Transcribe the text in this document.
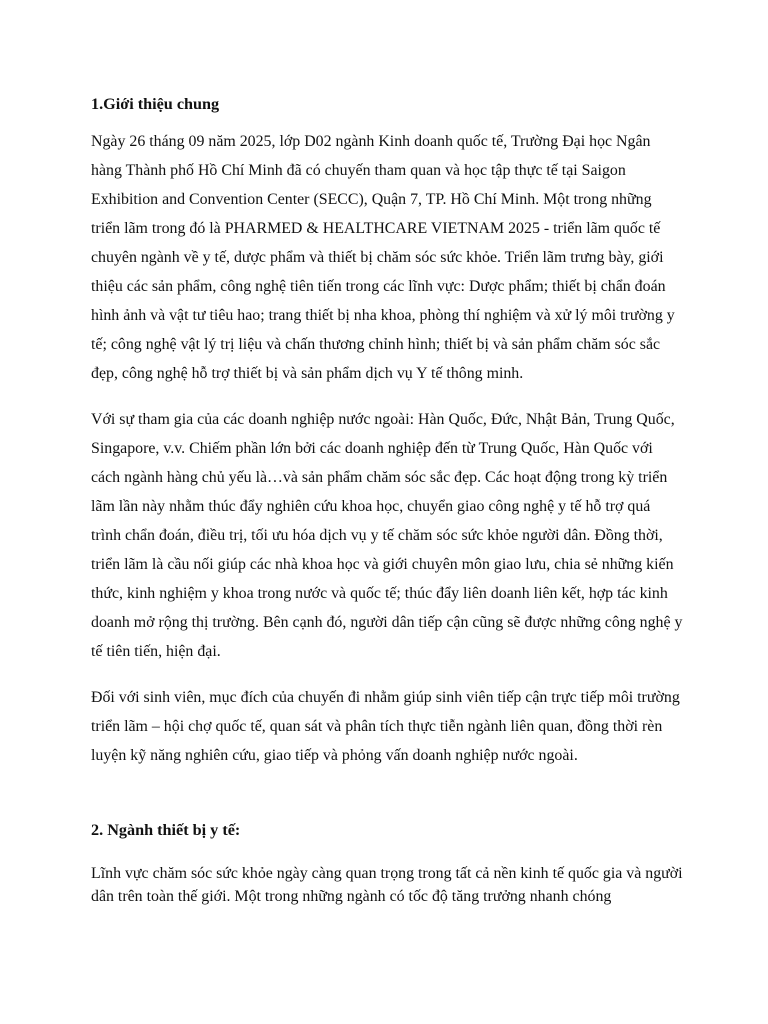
1.Giới thiệu chung

Ngày 26 tháng 09 năm 2025, lớp D02 ngành Kinh doanh quốc tế, Trường Đại học Ngân hàng Thành phố Hồ Chí Minh đã có chuyến tham quan và học tập thực tế tại Saigon Exhibition and Convention Center (SECC), Quận 7, TP. Hồ Chí Minh. Một trong những triển lãm trong đó là PHARMED & HEALTHCARE VIETNAM 2025 - triển lãm quốc tế chuyên ngành về y tế, dược phẩm và thiết bị chăm sóc sức khỏe. Triển lãm trưng bày, giới thiệu các sản phẩm, công nghệ tiên tiến trong các lĩnh vực: Dược phẩm; thiết bị chẩn đoán hình ảnh và vật tư tiêu hao; trang thiết bị nha khoa, phòng thí nghiệm và xử lý môi trường y tế; công nghệ vật lý trị liệu và chấn thương chỉnh hình; thiết bị và sản phẩm chăm sóc sắc đẹp, công nghệ hỗ trợ thiết bị và sản phẩm dịch vụ Y tế thông minh.

Với sự tham gia của các doanh nghiệp nước ngoài: Hàn Quốc, Đức, Nhật Bản, Trung Quốc, Singapore, v.v. Chiếm phần lớn bởi các doanh nghiệp đến từ Trung Quốc, Hàn Quốc với cách ngành hàng chủ yếu là…và sản phẩm chăm sóc sắc đẹp. Các hoạt động trong kỳ triển lãm lần này nhằm thúc đẩy nghiên cứu khoa học, chuyển giao công nghệ y tế hỗ trợ quá trình chẩn đoán, điều trị, tối ưu hóa dịch vụ y tế chăm sóc sức khỏe người dân. Đồng thời, triển lãm là cầu nối giúp các nhà khoa học và giới chuyên môn giao lưu, chia sẻ những kiến thức, kinh nghiệm y khoa trong nước và quốc tế; thúc đẩy liên doanh liên kết, hợp tác kinh doanh mở rộng thị trường. Bên cạnh đó, người dân tiếp cận cũng sẽ được những công nghệ y tế tiên tiến, hiện đại.

Đối với sinh viên, mục đích của chuyến đi nhằm giúp sinh viên tiếp cận trực tiếp môi trường triển lãm – hội chợ quốc tế, quan sát và phân tích thực tiễn ngành liên quan, đồng thời rèn luyện kỹ năng nghiên cứu, giao tiếp và phỏng vấn doanh nghiệp nước ngoài.

2. Ngành thiết bị y tế:

Lĩnh vực chăm sóc sức khỏe ngày càng quan trọng trong tất cả nền kinh tế quốc gia và người dân trên toàn thế giới. Một trong những ngành có tốc độ tăng trưởng nhanh chóng
